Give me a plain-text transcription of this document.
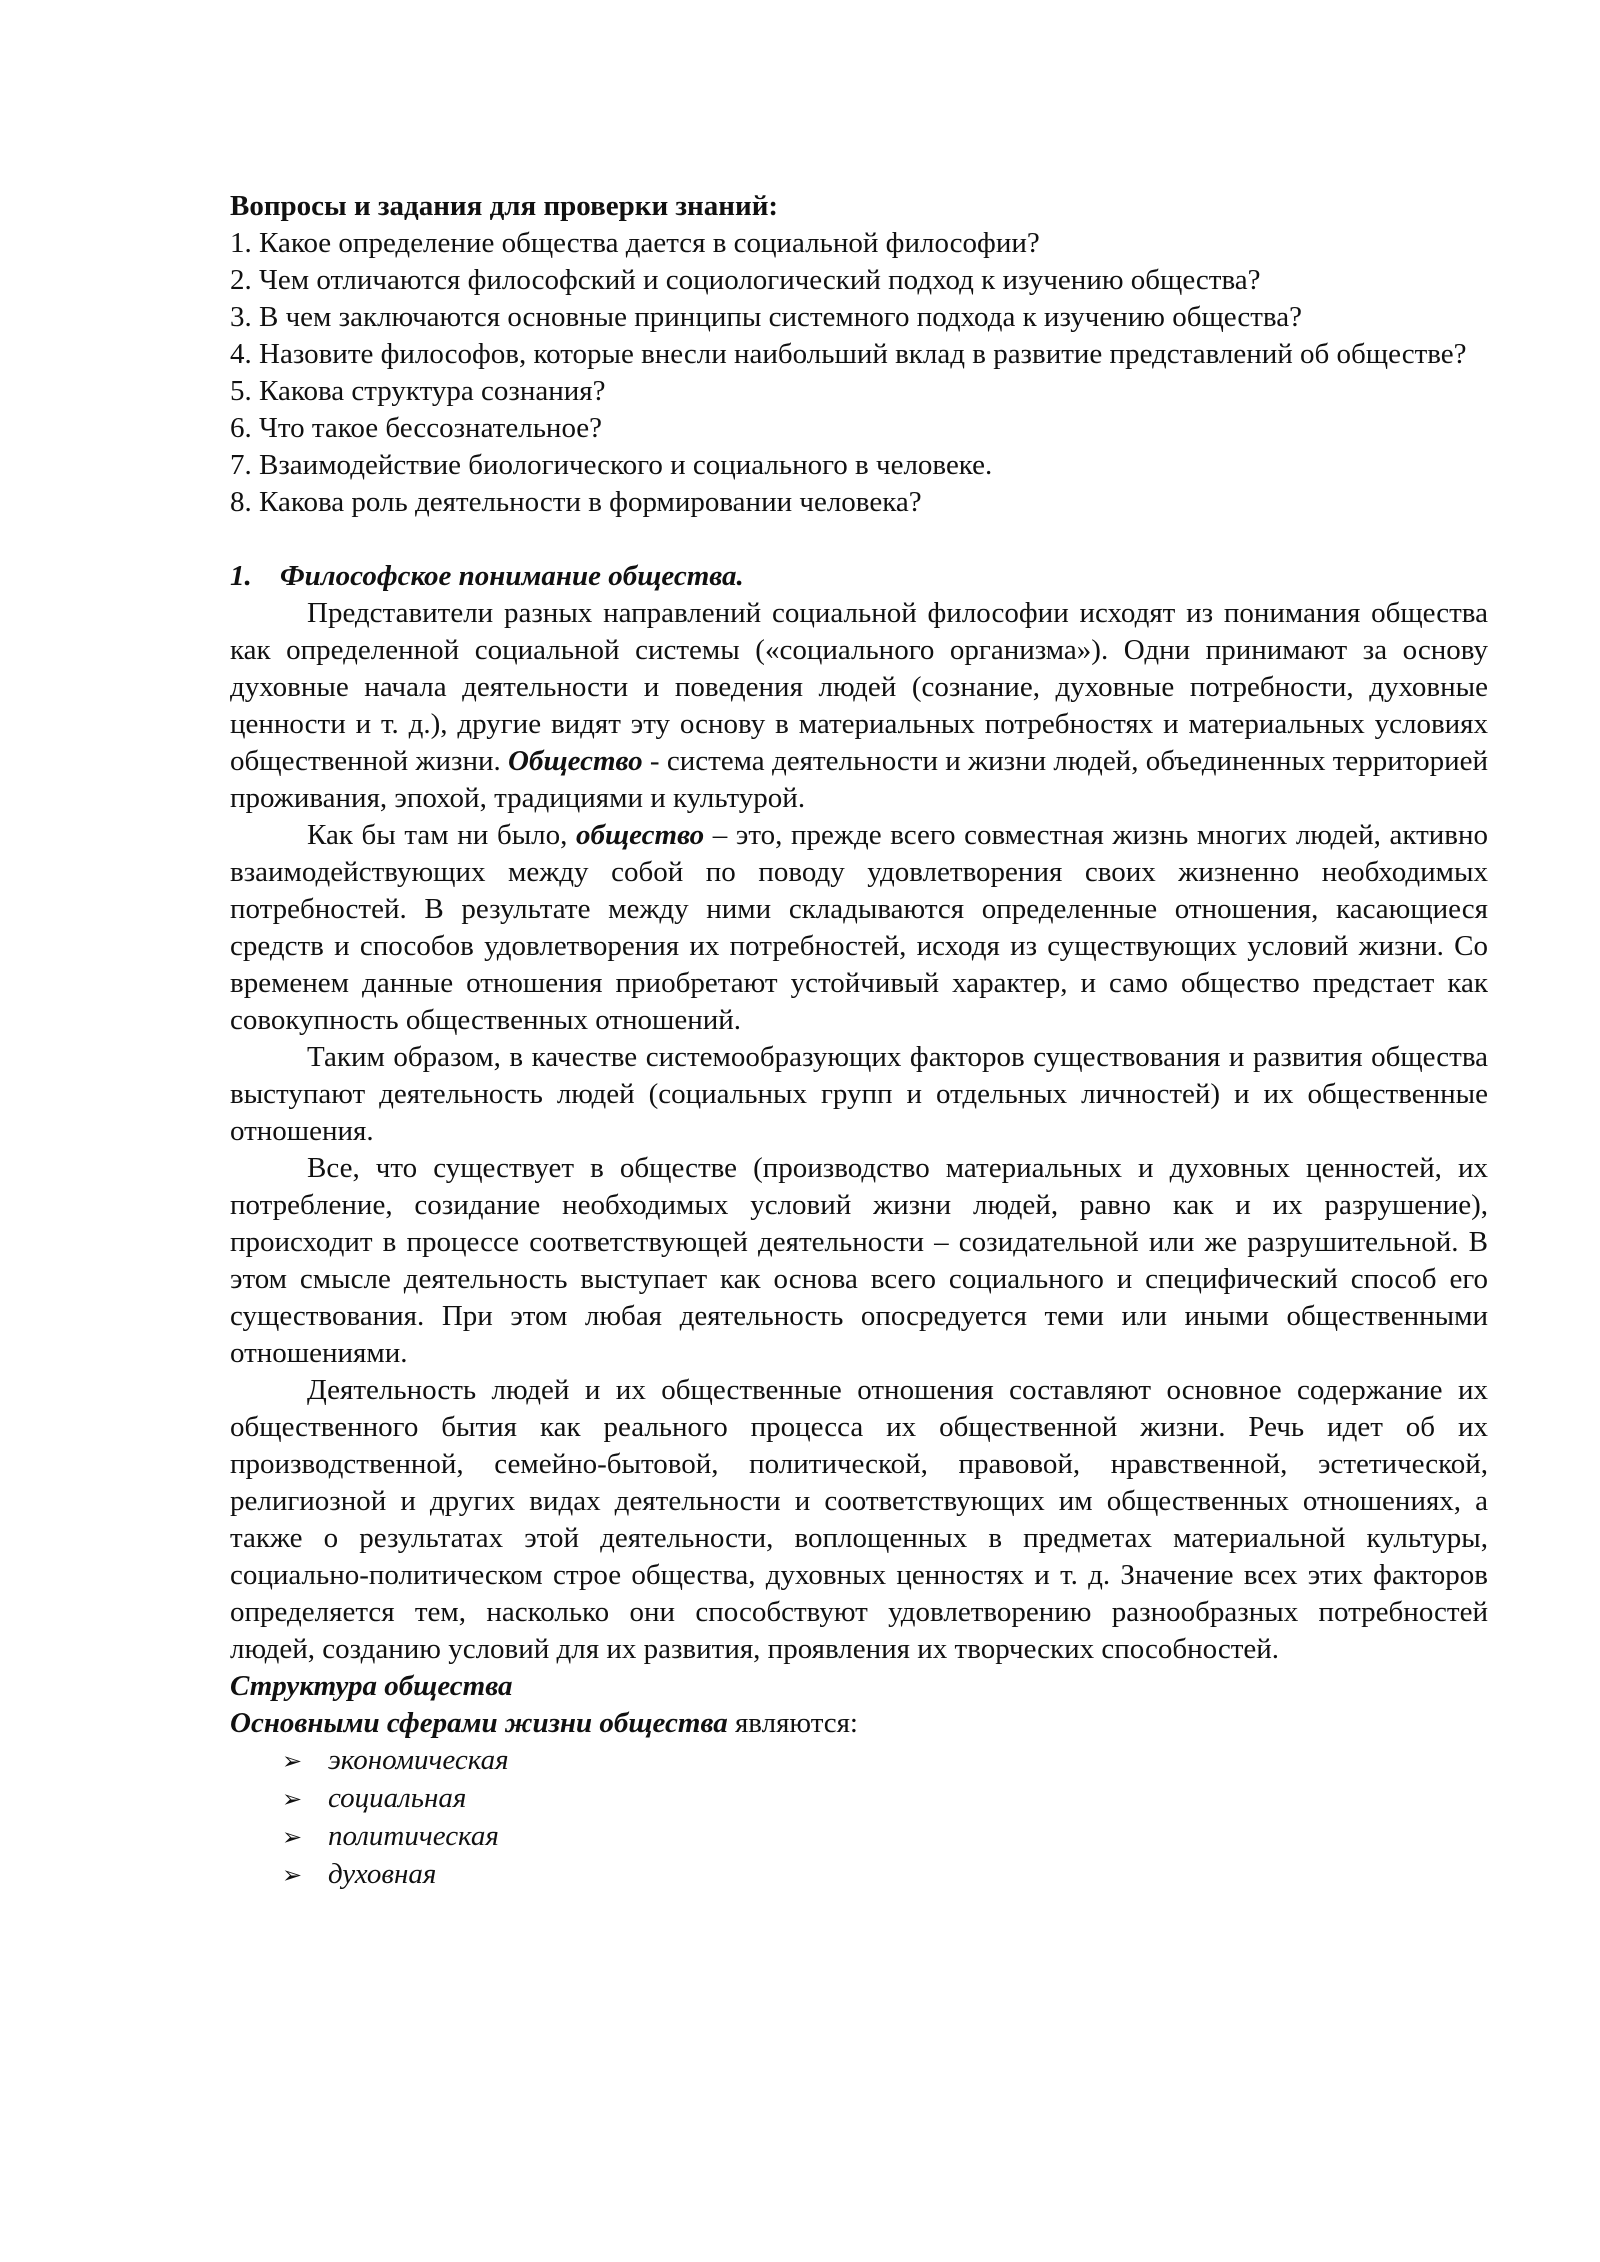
Вопросы и задания для проверки знаний:

1. Какое определение общества дается в социальной философии?
2. Чем отличаются философский и социологический подход к изучению общества?
3. В чем заключаются основные принципы системного подхода к изучению общества?
4. Назовите философов, которые внесли наибольший вклад в развитие представлений об обществе?
5. Какова структура сознания?
6. Что такое бессознательное?
7. Взаимодействие биологического и социального в человеке.
8. Какова роль деятельности в формировании человека?

1. Философское понимание общества.

Представители разных направлений социальной философии исходят из понимания общества как определенной социальной системы («социального организма»). Одни принимают за основу духовные начала деятельности и поведения людей (сознание, духовные потребности, духовные ценности и т. д.), другие видят эту основу в материальных потребностях и материальных условиях общественной жизни. Общество - система деятельности и жизни людей, объединенных территорией проживания, эпохой, традициями и культурой.

Как бы там ни было, общество – это, прежде всего совместная жизнь многих людей, активно взаимодействующих между собой по поводу удовлетворения своих жизненно необходимых потребностей. В результате между ними складываются определенные отношения, касающиеся средств и способов удовлетворения их потребностей, исходя из существующих условий жизни. Со временем данные отношения приобретают устойчивый характер, и само общество предстает как совокупность общественных отношений.

Таким образом, в качестве системообразующих факторов существования и развития общества выступают деятельность людей (социальных групп и отдельных личностей) и их общественные отношения.

Все, что существует в обществе (производство материальных и духовных ценностей, их потребление, созидание необходимых условий жизни людей, равно как и их разрушение), происходит в процессе соответствующей деятельности – созидательной или же разрушительной. В этом смысле деятельность выступает как основа всего социального и специфический способ его существования. При этом любая деятельность опосредуется теми или иными общественными отношениями.

Деятельность людей и их общественные отношения составляют основное содержание их общественного бытия как реального процесса их общественной жизни. Речь идет об их производственной, семейно-бытовой, политической, правовой, нравственной, эстетической, религиозной и других видах деятельности и соответствующих им общественных отношениях, а также о результатах этой деятельности, воплощенных в предметах материальной культуры, социально-политическом строе общества, духовных ценностях и т. д. Значение всех этих факторов определяется тем, насколько они способствуют удовлетворению разнообразных потребностей людей, созданию условий для их развития, проявления их творческих способностей.

Структура общества

Основными сферами жизни общества являются:

➢ экономическая
➢ социальная
➢ политическая
➢ духовная
